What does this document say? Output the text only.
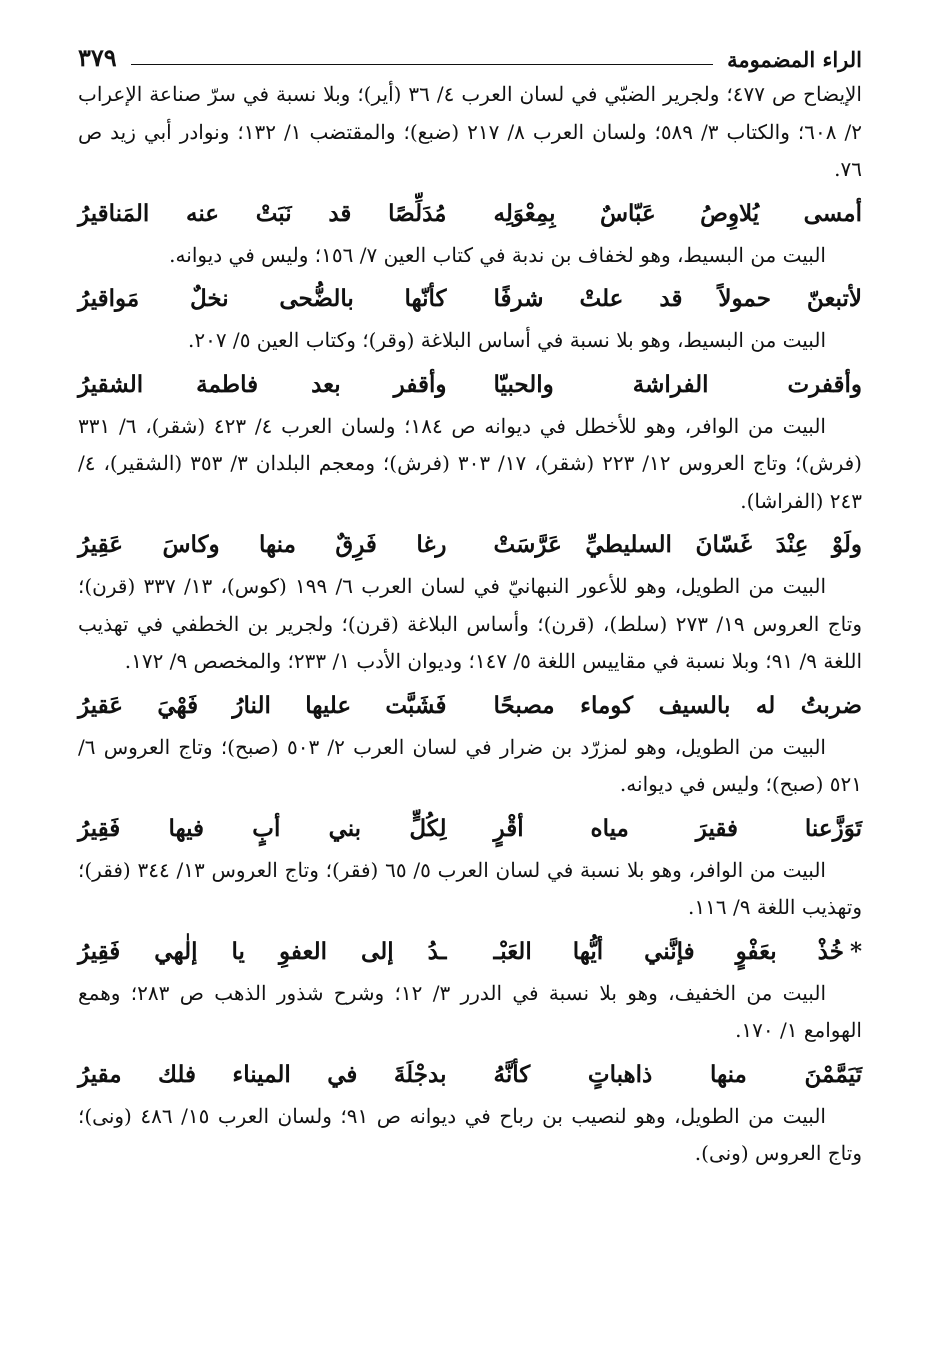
الراء المضمومة
٣٧٩

الإيضاح ص ٤٧٧؛ ولجرير الضبّي في لسان العرب ٤/ ٣٦ (أير)؛ وبلا نسبة في سرّ صناعة الإعراب ٢/ ٦٠٨؛ والكتاب ٣/ ٥٨٩؛ ولسان العرب ٨/ ٢١٧ (ضبع)؛ والمقتضب ١/ ١٣٢؛ ونوادر أبي زيد ص ٧٦.

أمسى يُلاوِصُ عَبّاسٌ بِمِعْوَلِه
مُدَلِّصًا قد نَبَتْ عنه المَناقيرُ

البيت من البسيط، وهو لخفاف بن ندبة في كتاب العين ٧/ ١٥٦؛ وليس في ديوانه.

لأتبعنّ حمولاً قد علتْ شرفًا
كأنّها بالضُّحى نخلٌ مَواقيرُ

البيت من البسيط، وهو بلا نسبة في أساس البلاغة (وقر)؛ وكتاب العين ٥/ ٢٠٧.

وأقفرت الفراشة والحبيّا
وأقفر بعد فاطمة الشقيرُ

البيت من الوافر، وهو للأخطل في ديوانه ص ١٨٤؛ ولسان العرب ٤/ ٤٢٣ (شقر)، ٦/ ٣٣١ (فرش)؛ وتاج العروس ١٢/ ٢٢٣ (شقر)، ١٧/ ٣٠٣ (فرش)؛ ومعجم البلدان ٣/ ٣٥٣ (الشقير)، ٤/ ٢٤٣ (الفراشا).

ولَوْ عِنْدَ غَسّانَ السليطيِّ عَرَّسَتْ
رغا فَرِقٌ منها وكاسَ عَقِيرُ

البيت من الطويل، وهو للأعور النبهانيّ في لسان العرب ٦/ ١٩٩ (كوس)، ١٣/ ٣٣٧ (قرن)؛ وتاج العروس ١٩/ ٢٧٣ (سلط)، (قرن)؛ وأساس البلاغة (قرن)؛ ولجرير بن الخطفي في تهذيب اللغة ٩/ ٩١؛ وبلا نسبة في مقاييس اللغة ٥/ ١٤٧؛ وديوان الأدب ١/ ٢٣٣؛ والمخصص ٩/ ١٧٢.

ضربتُ له بالسيف كوماء مصبحًا
فَشَبَّت عليها النارُ فَهْيَ عَقيرُ

البيت من الطويل، وهو لمزرّد بن ضرار في لسان العرب ٢/ ٥٠٣ (صبح)؛ وتاج العروس ٦/ ٥٢١ (صبح)؛ وليس في ديوانه.

تَوَزَّعنا فقيرَ مياه أقْرٍ
لِكُلٍّ بني أبٍ فيها فَقِيرُ

البيت من الوافر، وهو بلا نسبة في لسان العرب ٥/ ٦٥ (فقر)؛ وتاج العروس ١٣/ ٣٤٤ (فقر)؛ وتهذيب اللغة ٩/ ١١٦.

*خُذْ بعَفْوٍ فإنَّني أيُّها العَبْـ
ـدُ إلى العفوِ يا إلٰهي فَقِيرُ

البيت من الخفيف، وهو بلا نسبة في الدرر ٣/ ١٢؛ وشرح شذور الذهب ص ٢٨٣؛ وهمع الهوامع ١/ ١٧٠.

تَيَمَّمْنَ منها ذاهباتٍ كأنَّهُ
بدجْلَةَ في الميناء فلك مقيرُ

البيت من الطويل، وهو لنصيب بن رباح في ديوانه ص ٩١؛ ولسان العرب ١٥/ ٤٨٦ (ونى)؛ وتاج العروس (ونى).
